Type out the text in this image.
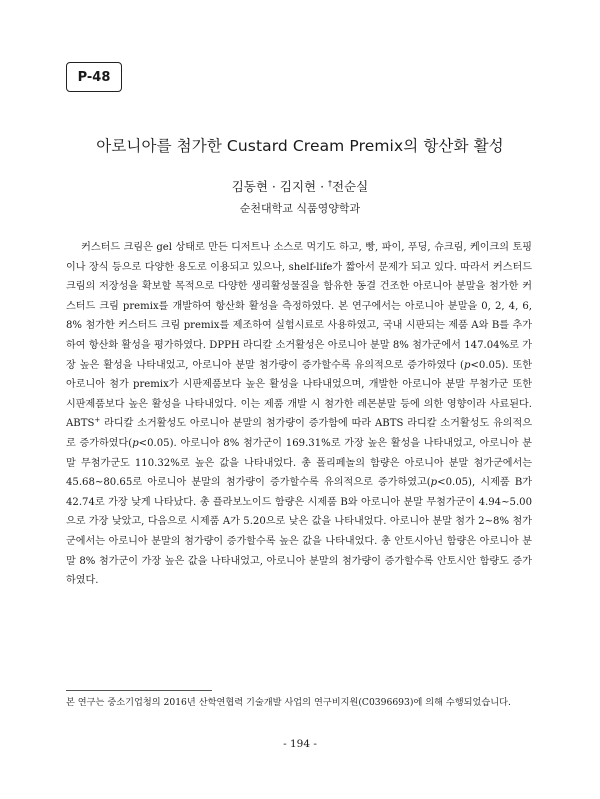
P-48
아로니아를 첨가한 Custard Cream Premix의 항산화 활성
김동현 · 김지현 · †전순실
순천대학교 식품영양학과

커스터드 크림은 gel 상태로 만든 디저트나 소스로 먹기도 하고, 빵, 파이, 푸딩, 슈크림, 케이크의 토핑이나 장식 등으로 다양한 용도로 이용되고 있으나, shelf-life가 짧아서 문제가 되고 있다. 따라서 커스터드 크림의 저장성을 확보할 목적으로 다양한 생리활성물질을 함유한 동결 건조한 아로니아 분말을 첨가한 커스터드 크림 premix를 개발하여 항산화 활성을 측정하였다. 본 연구에서는 아로니아 분말을 0, 2, 4, 6, 8% 첨가한 커스터드 크림 premix를 제조하여 실험시료로 사용하였고, 국내 시판되는 제품 A와 B를 추가하여 항산화 활성을 평가하였다. DPPH 라디칼 소거활성은 아로니아 분말 8% 첨가군에서 147.04%로 가장 높은 활성을 나타내었고, 아로니아 분말 첨가량이 증가할수록 유의적으로 증가하였다 (p<0.05). 또한 아로니아 첨가 premix가 시판제품보다 높은 활성을 나타내었으며, 개발한 아로니아 분말 무첨가군 또한 시판제품보다 높은 활성을 나타내었다. 이는 제품 개발 시 첨가한 레몬분말 등에 의한 영향이라 사료된다. ABTS+ 라디칼 소거활성도 아로니아 분말의 첨가량이 증가함에 따라 ABTS 라디칼 소거활성도 유의적으로 증가하였다(p<0.05). 아로니아 8% 첨가군이 169.31%로 가장 높은 활성을 나타내었고, 아로니아 분말 무첨가군도 110.32%로 높은 값을 나타내었다. 총 폴리페놀의 함량은 아로니아 분말 첨가군에서는 45.68~80.65로 아로니아 분말의 첨가량이 증가할수록 유의적으로 증가하였고(p<0.05), 시제품 B가 42.74로 가장 낮게 나타났다. 총 플라보노이드 함량은 시제품 B와 아로니아 분말 무첨가군이 4.94~5.00으로 가장 낮았고, 다음으로 시제품 A가 5.20으로 낮은 값을 나타내었다. 아로니아 분말 첨가 2~8% 첨가군에서는 아로니아 분말의 첨가량이 증가할수록 높은 값을 나타내었다. 총 안토시아닌 함량은 아로니아 분말 8% 첨가군이 가장 높은 값을 나타내었고, 아로니아 분말의 첨가량이 증가할수록 안토시안 함량도 증가하였다.

본 연구는 중소기업청의 2016년 산학연협력 기술개발 사업의 연구비지원(C0396693)에 의해 수행되었습니다.
- 194 -
